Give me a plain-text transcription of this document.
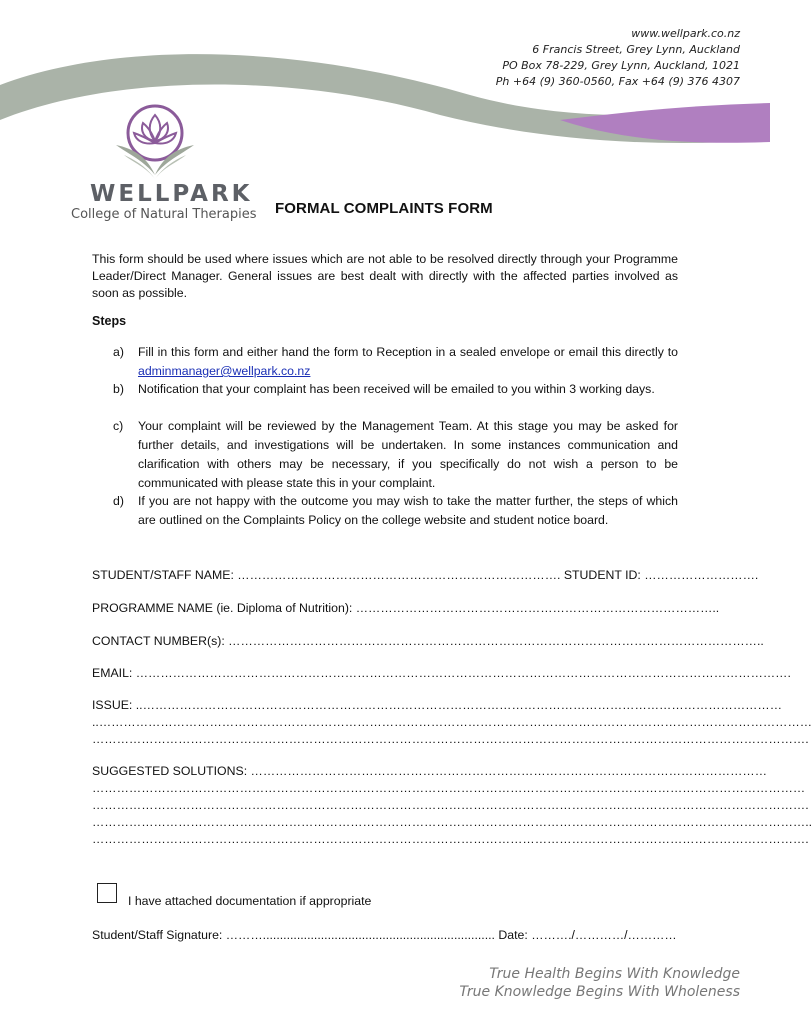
www.wellpark.co.nz
6 Francis Street, Grey Lynn, Auckland
PO Box 78-229, Grey Lynn, Auckland, 1021
Ph +64 (9) 360-0560, Fax +64 (9) 376 4307
WELLPARK
College of Natural Therapies FORMAL COMPLAINTS FORM
This form should be used where issues which are not able to be resolved directly through your Programme Leader/Direct Manager. General issues are best dealt with directly with the affected parties involved as soon as possible.
Steps
a) Fill in this form and either hand the form to Reception in a sealed envelope or email this directly to adminmanager@wellpark.co.nz
b) Notification that your complaint has been received will be emailed to you within 3 working days.
c) Your complaint will be reviewed by the Management Team. At this stage you may be asked for further details, and investigations will be undertaken. In some instances communication and clarification with others may be necessary, if you specifically do not wish a person to be communicated with please state this in your complaint.
d) If you are not happy with the outcome you may wish to take the matter further, the steps of which are outlined on the Complaints Policy on the college website and student notice board.
STUDENT/STAFF NAME: ……………………………………………………………………. STUDENT ID: ……………………….
PROGRAMME NAME (ie. Diploma of Nutrition): ……………………………………………………………………………..
CONTACT NUMBER(s): …………………………………………………………………………………………………………………..
EMAIL: …………………………………………………………………………………………………………………………………………….
ISSUE: ..…………………………………………………………………………………………………………………………………………
..…………………………………………………………………………………………………………………………………………………………
………………………………………………………………………………………………………………………………………………………….
SUGGESTED SOLUTIONS: ………………………………………………………………………………………………………………
…………………………………………………………………………………………………………………………………………………………
………………………………………………………………………………………………………………………………………………………….
…………………………………………………………………………………………………………………………………………………………..
………………………………………………………………………………………………………………………………………………………….
I have attached documentation if appropriate
Student/Staff Signature: ……….................................................................... Date: ………./…………/…………
True Health Begins With Knowledge
True Knowledge Begins With Wholeness
